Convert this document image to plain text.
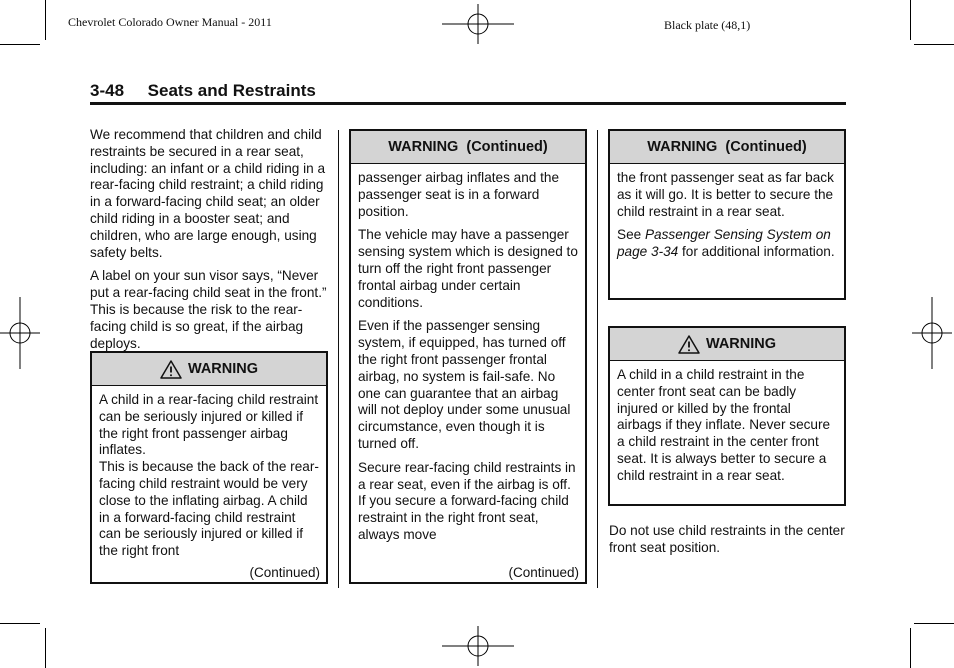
Chevrolet Colorado Owner Manual - 2011	Black plate (48,1)
3-48 Seats and Restraints

We recommend that children and child restraints be secured in a rear seat, including: an infant or a child riding in a rear-facing child restraint; a child riding in a forward-facing child seat; an older child riding in a booster seat; and children, who are large enough, using safety belts.

A label on your sun visor says, “Never put a rear-facing child seat in the front.” This is because the risk to the rear-facing child is so great, if the airbag deploys.

WARNING
A child in a rear-facing child restraint can be seriously injured or killed if the right front passenger airbag inflates.
This is because the back of the rear-facing child restraint would be very close to the inflating airbag. A child in a forward-facing child restraint can be seriously injured or killed if the right front
(Continued)
WARNING  (Continued)

passenger airbag inflates and the passenger seat is in a forward position.

The vehicle may have a passenger sensing system which is designed to turn off the right front passenger frontal airbag under certain conditions.

Even if the passenger sensing system, if equipped, has turned off the right front passenger frontal airbag, no system is fail-safe. No one can guarantee that an airbag will not deploy under some unusual circumstance, even though it is turned off.

Secure rear-facing child restraints in a rear seat, even if the airbag is off. If you secure a forward-facing child restraint in the right front seat, always move

(Continued)
WARNING  (Continued)

the front passenger seat as far back as it will go. It is better to secure the child restraint in a rear seat.

See Passenger Sensing System on page 3-34 for additional information.

WARNING

A child in a child restraint in the center front seat can be badly injured or killed by the frontal airbags if they inflate. Never secure a child restraint in the center front seat. It is always better to secure a child restraint in a rear seat.

Do not use child restraints in the center front seat position.
